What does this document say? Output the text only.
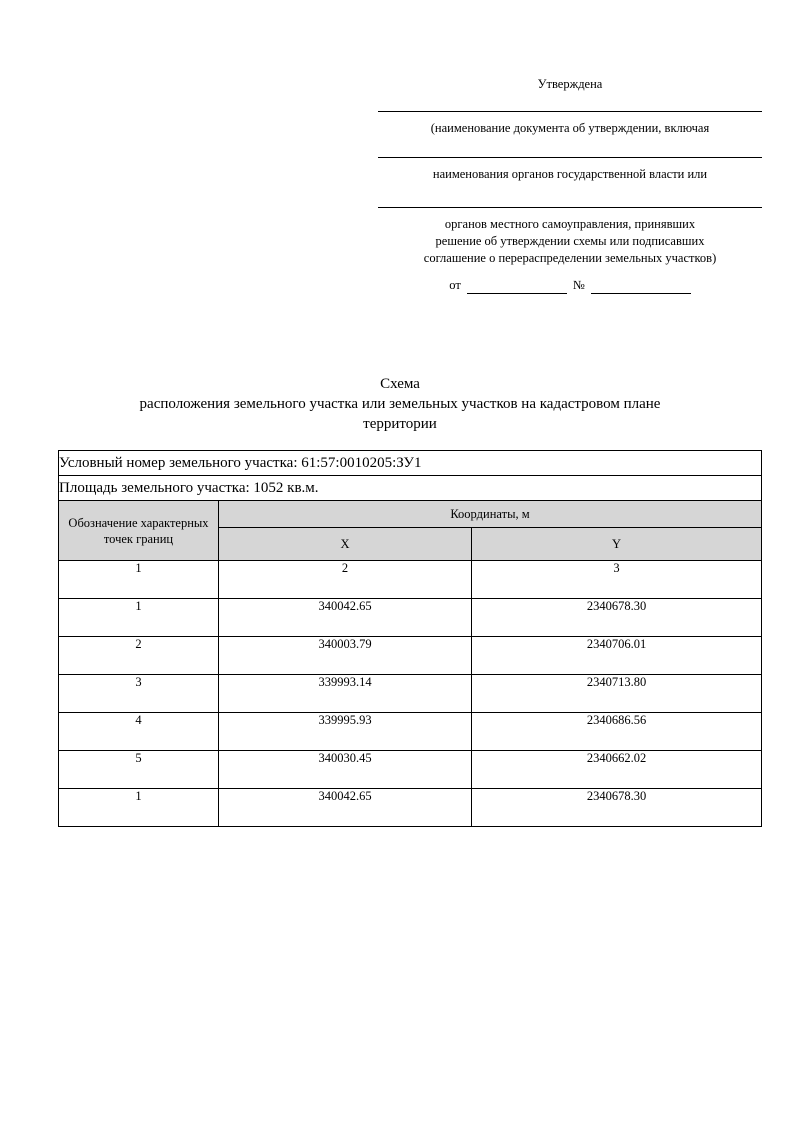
Утверждена
(наименование документа об утверждении, включая
наименования органов государственной власти или
органов местного самоуправления, принявших
решение об утверждении схемы или подписавших
соглашение о перераспределении земельных участков)
от	№
Схема
расположения земельного участка или земельных участков на кадастровом плане
территории
Условный номер земельного участка: 61:57:0010205:ЗУ1		
Площадь земельного участка: 1052 кв.м.		
Обозначение характерных точек границ	Координаты, м	
	X	Y
1	2	3
1	340042.65	2340678.30
2	340003.79	2340706.01
3	339993.14	2340713.80
4	339995.93	2340686.56
5	340030.45	2340662.02
1	340042.65	2340678.30
